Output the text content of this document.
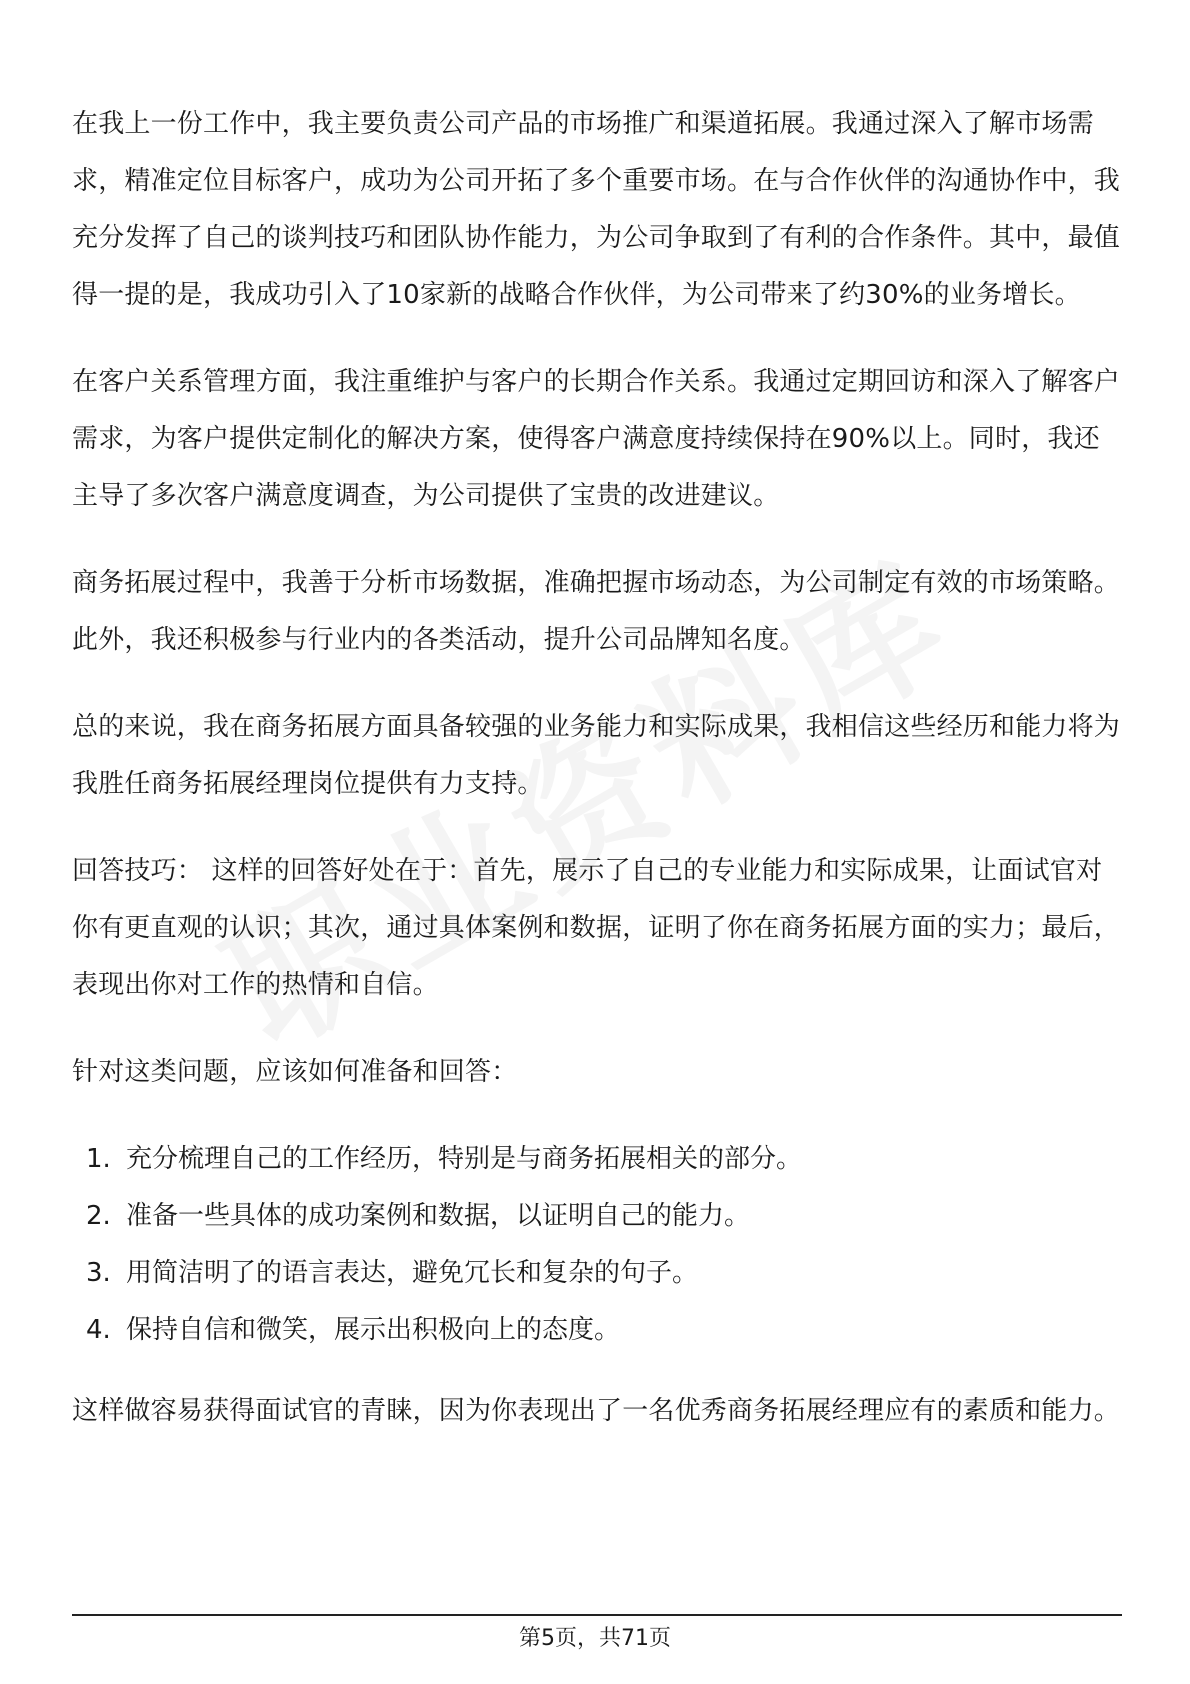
在我上一份工作中，我主要负责公司产品的市场推广和渠道拓展。我通过深入了解市场需求，精准定位目标客户，成功为公司开拓了多个重要市场。在与合作伙伴的沟通协作中，我充分发挥了自己的谈判技巧和团队协作能力，为公司争取到了有利的合作条件。其中，最值得一提的是，我成功引入了10家新的战略合作伙伴，为公司带来了约30%的业务增长。

在客户关系管理方面，我注重维护与客户的长期合作关系。我通过定期回访和深入了解客户需求，为客户提供定制化的解决方案，使得客户满意度持续保持在90%以上。同时，我还主导了多次客户满意度调查，为公司提供了宝贵的改进建议。

商务拓展过程中，我善于分析市场数据，准确把握市场动态，为公司制定有效的市场策略。此外，我还积极参与行业内的各类活动，提升公司品牌知名度。

总的来说，我在商务拓展方面具备较强的业务能力和实际成果，我相信这些经历和能力将为我胜任商务拓展经理岗位提供有力支持。

回答技巧： 这样的回答好处在于：首先，展示了自己的专业能力和实际成果，让面试官对你有更直观的认识；其次，通过具体案例和数据，证明了你在商务拓展方面的实力；最后，表现出你对工作的热情和自信。

针对这类问题，应该如何准备和回答：

1. 充分梳理自己的工作经历，特别是与商务拓展相关的部分。
2. 准备一些具体的成功案例和数据，以证明自己的能力。
3. 用简洁明了的语言表达，避免冗长和复杂的句子。
4. 保持自信和微笑，展示出积极向上的态度。

这样做容易获得面试官的青睐，因为你表现出了一名优秀商务拓展经理应有的素质和能力。

第5页，共71页
